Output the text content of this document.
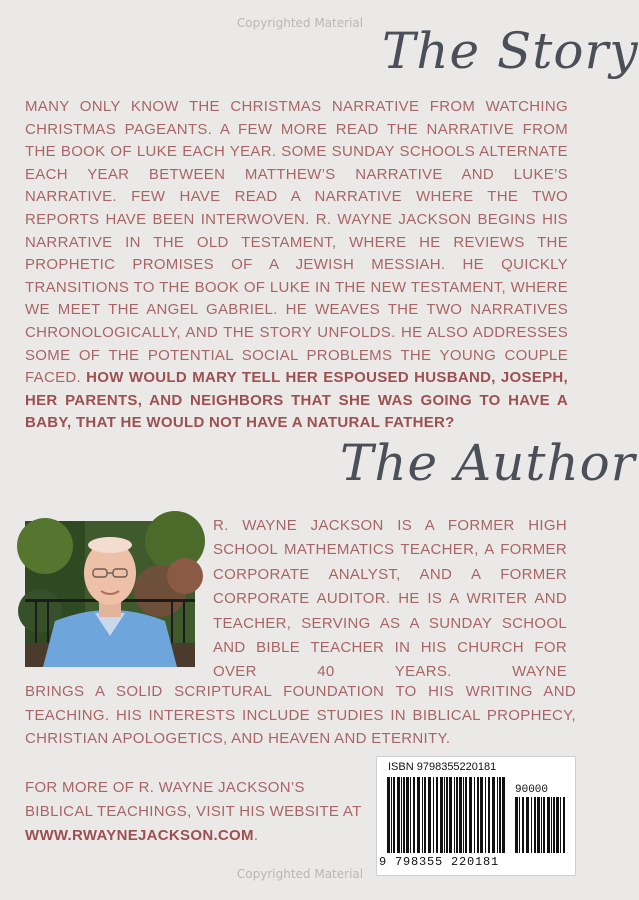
Copyrighted Material The Story
MANY ONLY KNOW THE CHRISTMAS NARRATIVE FROM WATCHING CHRISTMAS PAGEANTS. A FEW MORE READ THE NARRATIVE FROM THE BOOK OF LUKE EACH YEAR. SOME SUNDAY SCHOOLS ALTERNATE EACH YEAR BETWEEN MATTHEW’S NARRATIVE AND LUKE’S NARRATIVE. FEW HAVE READ A NARRATIVE WHERE THE TWO REPORTS HAVE BEEN INTERWOVEN. R. WAYNE JACKSON BEGINS HIS NARRATIVE IN THE OLD TESTAMENT, WHERE HE REVIEWS THE PROPHETIC PROMISES OF A JEWISH MESSIAH. HE QUICKLY TRANSITIONS TO THE BOOK OF LUKE IN THE NEW TESTAMENT, WHERE WE MEET THE ANGEL GABRIEL. HE WEAVES THE TWO NARRATIVES CHRONOLOGICALLY, AND THE STORY UNFOLDS. HE ALSO ADDRESSES SOME OF THE POTENTIAL SOCIAL PROBLEMS THE YOUNG COUPLE FACED. HOW WOULD MARY TELL HER ESPOUSED HUSBAND, JOSEPH, HER PARENTS, AND NEIGHBORS THAT SHE WAS GOING TO HAVE A BABY, THAT HE WOULD NOT HAVE A NATURAL FATHER?
The Author
R. WAYNE JACKSON IS A FORMER HIGH SCHOOL MATHEMATICS TEACHER, A FORMER CORPORATE ANALYST, AND A FORMER CORPORATE AUDITOR. HE IS A WRITER AND TEACHER, SERVING AS A SUNDAY SCHOOL AND BIBLE TEACHER IN HIS CHURCH FOR OVER 40 YEARS. WAYNE
BRINGS A SOLID SCRIPTURAL FOUNDATION TO HIS WRITING AND TEACHING. HIS INTERESTS INCLUDE STUDIES IN BIBLICAL PROPHECY, CHRISTIAN APOLOGETICS, AND HEAVEN AND ETERNITY.
FOR MORE OF R. WAYNE JACKSON’S BIBLICAL TEACHINGS, VISIT HIS WEBSITE AT WWW.RWAYNEJACKSON.COM.
ISBN 9798355220181
90000
9 798355 220181
Copyrighted Material
